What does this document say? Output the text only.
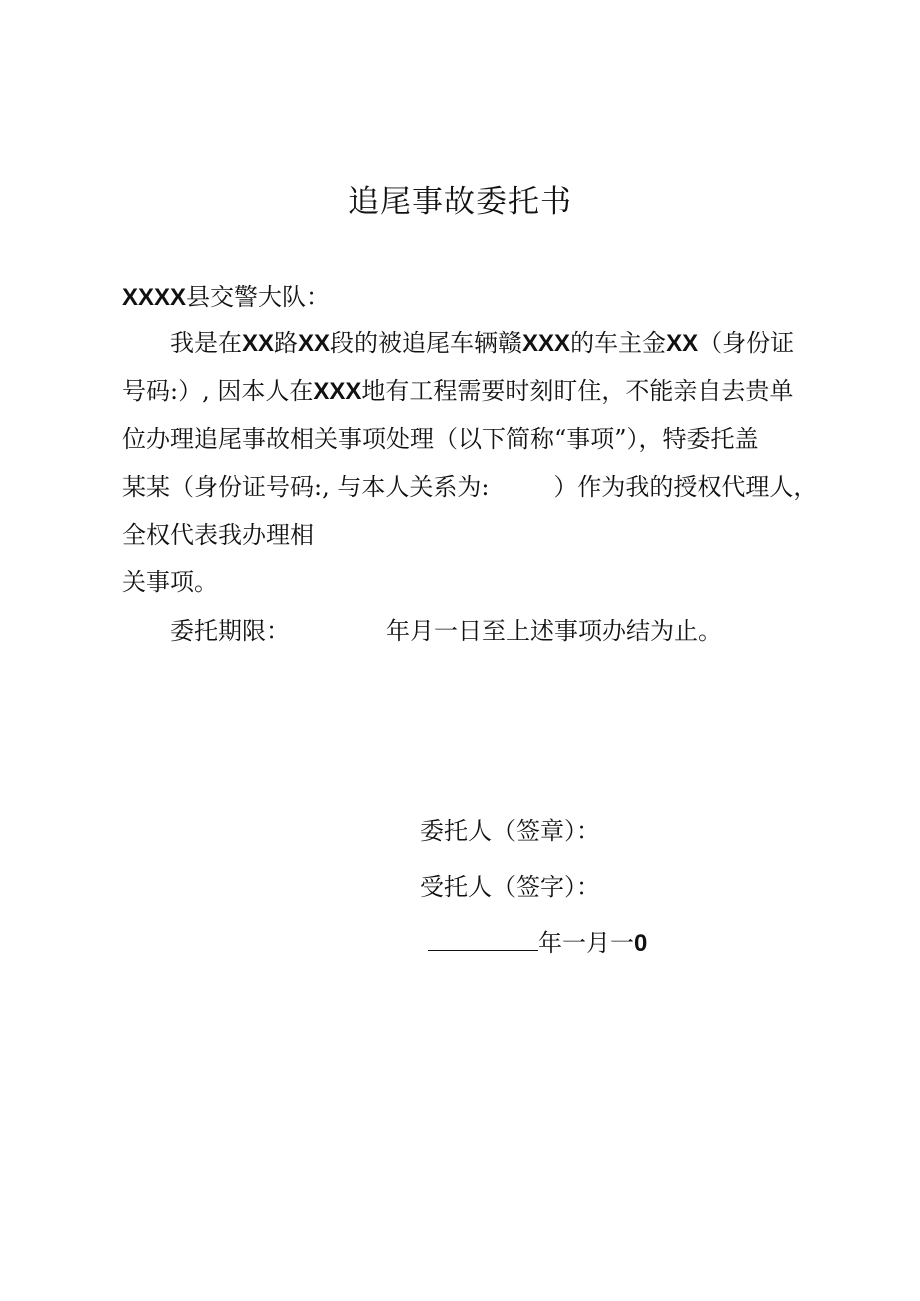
追尾事故委托书
XXXX县交警大队：
我是在XX路XX段的被追尾车辆赣XXX的车主金XX（身份证
号码:）, 因本人在XXX地有工程需要时刻盯住，不能亲自去贵单
位办理追尾事故相关事项处理（以下简称“事项”），特委托盖
某某（身份证号码:, 与本人关系为:	）作为我的授权代理人，
全权代表我办理相
关事项。
委托期限：	年月一日至上述事项办结为止。
委托人（签章）：
受托人（签字）：
年一月一0
